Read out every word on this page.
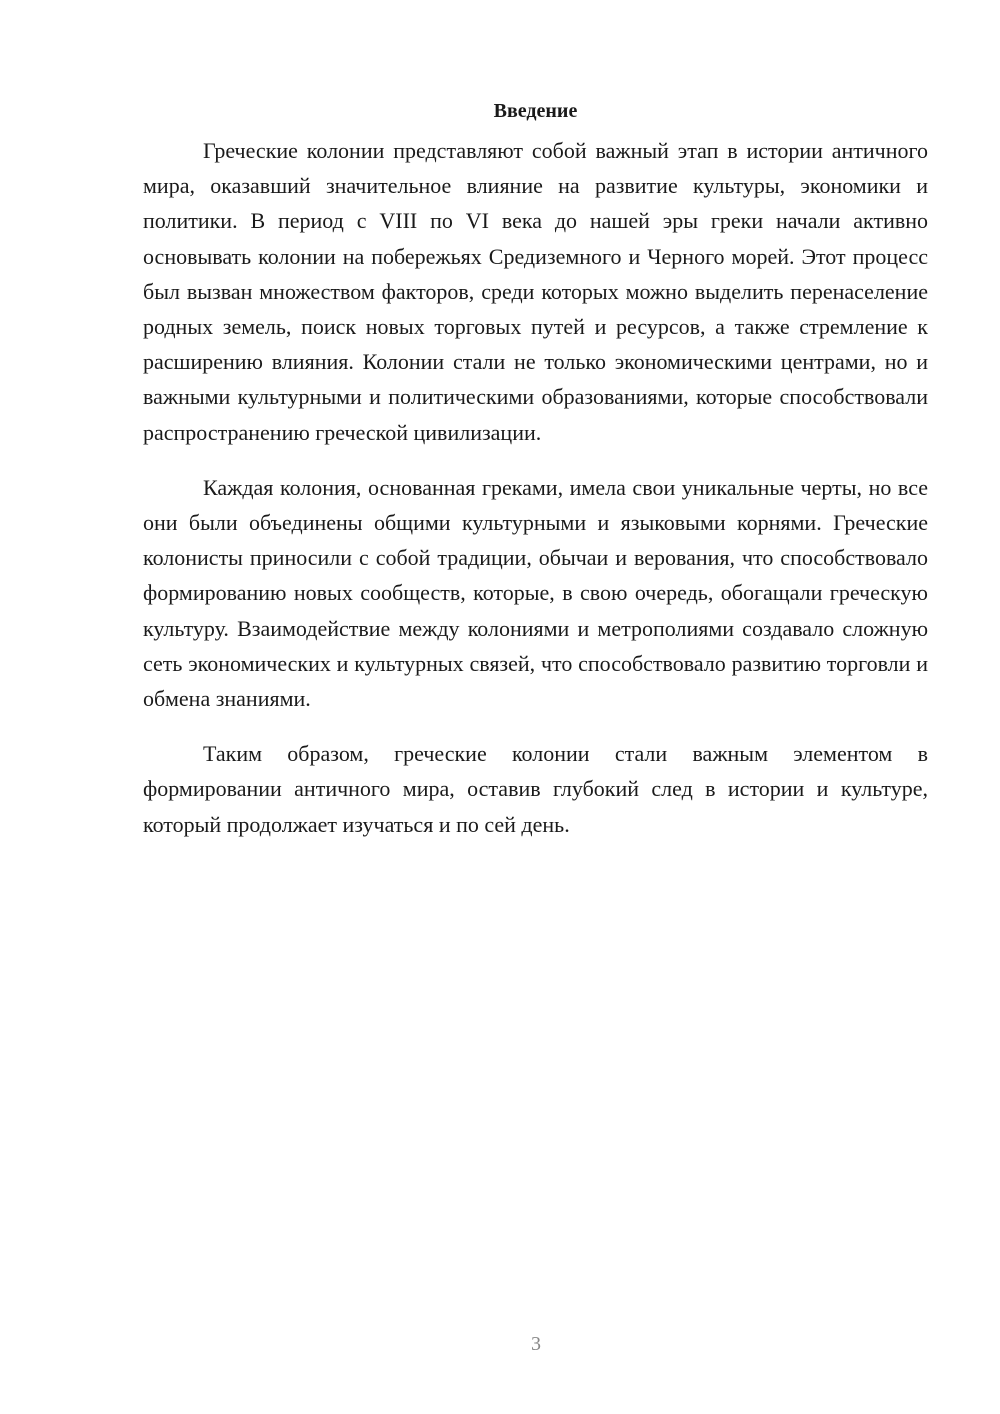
Введение

Греческие колонии представляют собой важный этап в истории античного мира, оказавший значительное влияние на развитие культуры, экономики и политики. В период с VIII по VI века до нашей эры греки начали активно основывать колонии на побережьях Средиземного и Черного морей. Этот процесс был вызван множеством факторов, среди которых можно выделить перенаселение родных земель, поиск новых торговых путей и ресурсов, а также стремление к расширению влияния. Колонии стали не только экономическими центрами, но и важными культурными и политическими образованиями, которые способствовали распространению греческой цивилизации.

Каждая колония, основанная греками, имела свои уникальные черты, но все они были объединены общими культурными и языковыми корнями. Греческие колонисты приносили с собой традиции, обычаи и верования, что способствовало формированию новых сообществ, которые, в свою очередь, обогащали греческую культуру. Взаимодействие между колониями и метрополиями создавало сложную сеть экономических и культурных связей, что способствовало развитию торговли и обмена знаниями.

Таким образом, греческие колонии стали важным элементом в формировании античного мира, оставив глубокий след в истории и культуре, который продолжает изучаться и по сей день.

3
